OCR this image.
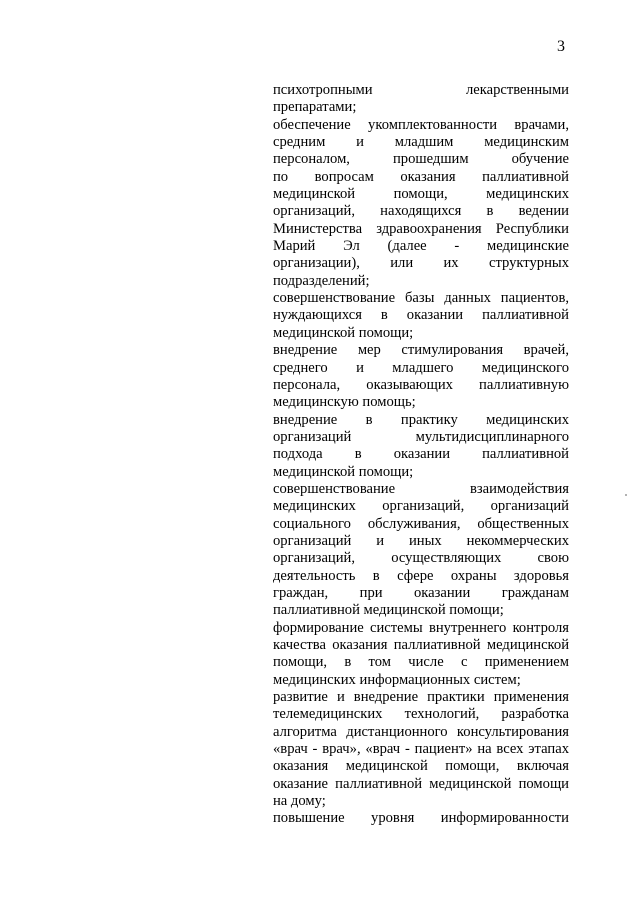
3
психотропными лекарственными
препаратами;
обеспечение укомплектованности врачами,
средним и младшим медицинским
персоналом, прошедшим обучение
по вопросам оказания паллиативной
медицинской помощи, медицинских
организаций, находящихся в ведении
Министерства здравоохранения Республики
Марий Эл (далее - медицинские
организации), или их структурных
подразделений;
совершенствование базы данных пациентов,
нуждающихся в оказании паллиативной
медицинской помощи;
внедрение мер стимулирования врачей,
среднего и младшего медицинского
персонала, оказывающих паллиативную
медицинскую помощь;
внедрение в практику медицинских
организаций мультидисциплинарного
подхода в оказании паллиативной
медицинской помощи;
совершенствование взаимодействия
медицинских организаций, организаций
социального обслуживания, общественных
организаций и иных некоммерческих
организаций, осуществляющих свою
деятельность в сфере охраны здоровья
граждан, при оказании гражданам
паллиативной медицинской помощи;
формирование системы внутреннего контроля
качества оказания паллиативной медицинской
помощи, в том числе с применением
медицинских информационных систем;
развитие и внедрение практики применения
телемедицинских технологий, разработка
алгоритма дистанционного консультирования
«врач - врач», «врач - пациент» на всех этапах
оказания медицинской помощи, включая
оказание паллиативной медицинской помощи
на дому;
повышение уровня информированности
